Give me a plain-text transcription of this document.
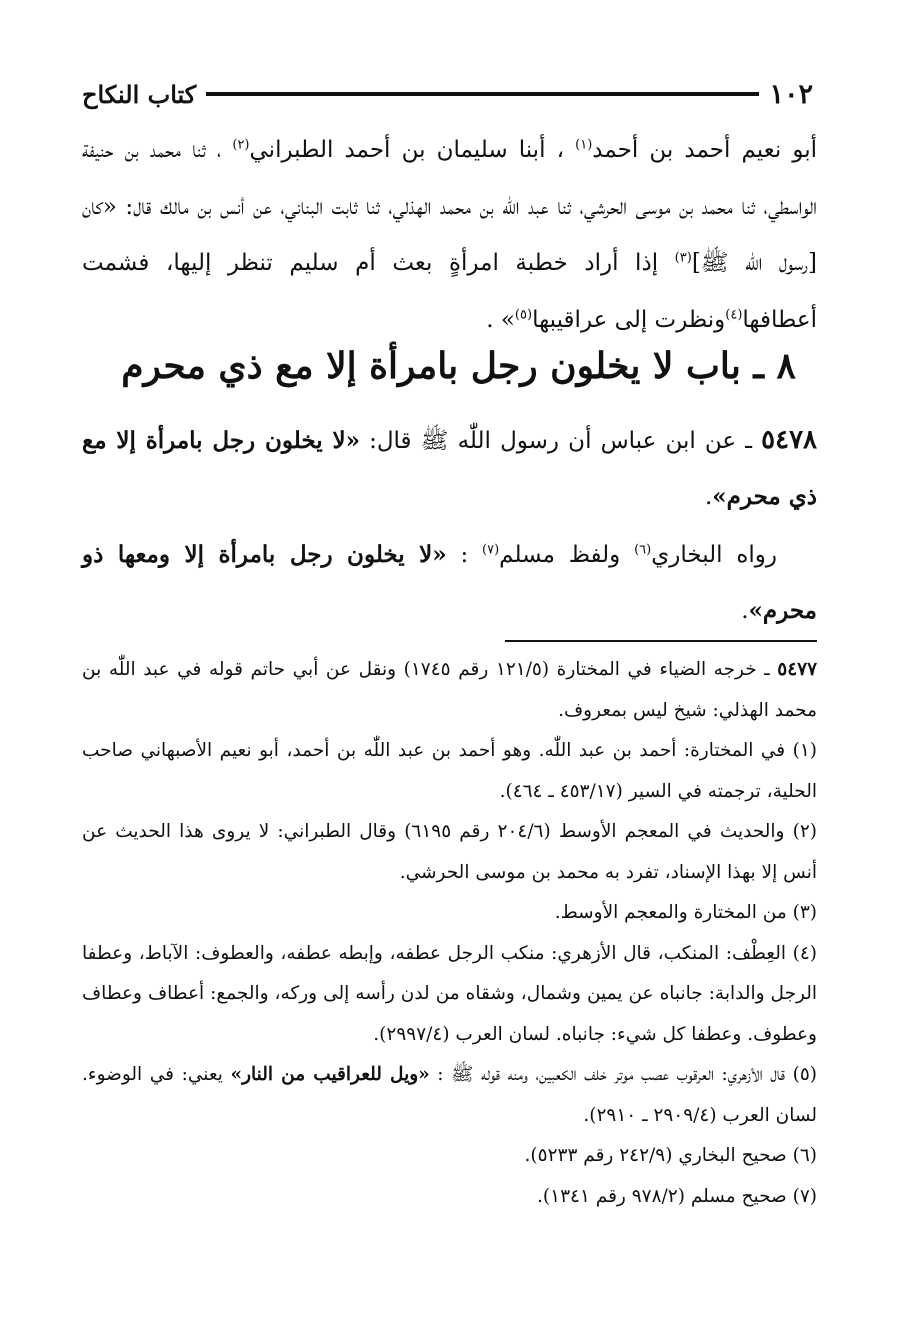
١٠٢
كتاب النكاح

أبو نعيم أحمد بن أحمد$^{(١)}$ ، أبنا سليمان بن أحمد الطبراني$^{(٢)}$ ، ثنا محمد بن حنيفة الواسطي، ثنا محمد بن موسى الحرشي، ثنا عبد اللّٰه بن محمد الهذلي، ثنا ثابت البناني، عن أنس بن مالك قال: «كان [رسول اللّٰه ﷺ]$^{(٣)}$ إذا أراد خطبة امرأةٍ بعث أم سليم تنظر إليها، فشمت أعطافها$^{(٤)}$ونظرت إلى عراقيبها$^{(٥)}$» .

٨ ـ باب لا يخلون رجل بامرأة إلا مع ذي محرم

٥٤٧٨ ـ عن ابن عباس أن رسول اللّٰه ﷺ قال: «لا يخلون رجل بامرأة إلا مع ذي محرم».

رواه البخاري$^{(٦)}$ ولفظ مسلم$^{(٧)}$ : «لا يخلون رجل بامرأة إلا ومعها ذو محرم».

٥٤٧٧ ـ خرجه الضياء في المختارة (١٢١/٥ رقم ١٧٤٥) ونقل عن أبي حاتم قوله في عبد اللّٰه بن محمد الهذلي: شيخ ليس بمعروف.

(١) في المختارة: أحمد بن عبد اللّٰه. وهو أحمد بن عبد اللّٰه بن أحمد، أبو نعيم الأصبهاني صاحب الحلية، ترجمته في السير (٤٥٣/١٧ ـ ٤٦٤).

(٢) والحديث في المعجم الأوسط (٢٠٤/٦ رقم ٦١٩٥) وقال الطبراني: لا يروى هذا الحديث عن أنس إلا بهذا الإسناد، تفرد به محمد بن موسى الحرشي.

(٣) من المختارة والمعجم الأوسط.

(٤) العِطْف: المنكب، قال الأزهري: منكب الرجل عطفه، وإبطه عطفه، والعطوف: الآباط، وعطفا الرجل والدابة: جانباه عن يمين وشمال، وشقاه من لدن رأسه إلى وركه، والجمع: أعطاف وعطاف وعطوف. وعطفا كل شيء: جانباه. لسان العرب (٢٩٩٧/٤).

(٥) قال الأزهري: العرقوب عصب موتر خلف الكعبين، ومنه قوله ﷺ : «ويل للعراقيب من النار» يعني: في الوضوء. لسان العرب (٢٩٠٩/٤ ـ ٢٩١٠).

(٦) صحيح البخاري (٢٤٢/٩ رقم ٥٢٣٣).

(٧) صحيح مسلم (٩٧٨/٢ رقم ١٣٤١).
